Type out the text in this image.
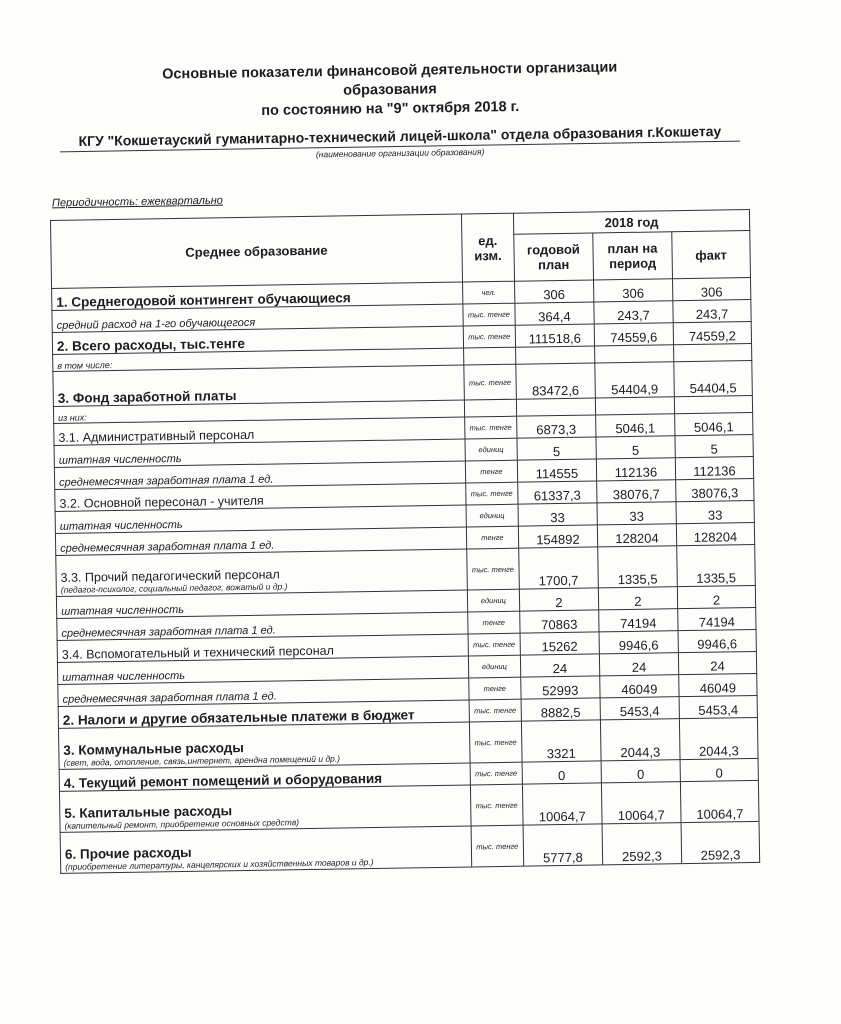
Основные показатели финансовой деятельности организации образования
по состоянию на "9" октября 2018 г.
КГУ "Кокшетауский гуманитарно-технический лицей-школа" отдела образования г.Кокшетау
(наименование организации образования)
Периодичность: ежеквартально
Среднее образование	ед. изм.	2018 год		
		годовой план	план на период	факт
1. Среднегодовой контингент обучающиеся	чел.	306	306	306
средний расход на 1-го обучающегося	тыс. тенге	364,4	243,7	243,7
2. Всего расходы, тыс.тенге	тыс. тенге	111518,6	74559,6	74559,2
в том числе:				
3. Фонд заработной платы	тыс. тенге	83472,6	54404,9	54404,5
из них:				
3.1. Административный персонал	тыс. тенге	6873,3	5046,1	5046,1
штатная численность	единиц	5	5	5
среднемесячная заработная плата 1 ед.	тенге	114555	112136	112136
3.2. Основной пересонал - учителя	тыс. тенге	61337,3	38076,7	38076,3
штатная численность	единиц	33	33	33
среднемесячная заработная плата 1 ед.	тенге	154892	128204	128204
3.3. Прочий педагогический персонал
(педагог-психолог, социальный педагог, вожатый и др.)	тыс. тенге	1700,7	1335,5	1335,5
штатная численность	единиц	2	2	2
среднемесячная заработная плата 1 ед.	тенге	70863	74194	74194
3.4. Вспомогательный и технический персонал	тыс. тенге	15262	9946,6	9946,6
штатная численность	единиц	24	24	24
среднемесячная заработная плата 1 ед.	тенге	52993	46049	46049
2. Налоги и другие обязательные платежи в бюджет	тыс. тенге	8882,5	5453,4	5453,4
3. Коммунальные расходы
(свет, вода, отопление, связь,интернет, арендна помещений и др.)	тыс. тенге	3321	2044,3	2044,3
4. Текущий ремонт помещений и оборудования	тыс. тенге	0	0	0
5. Капитальные расходы
(капительный ремонт, приобретение основных средств)	тыс. тенге	10064,7	10064,7	10064,7
6. Прочие расходы
(приобретение литературы, канцелярских и хозяйственных товаров и др.)	тыс. тенге	5777,8	2592,3	2592,3
